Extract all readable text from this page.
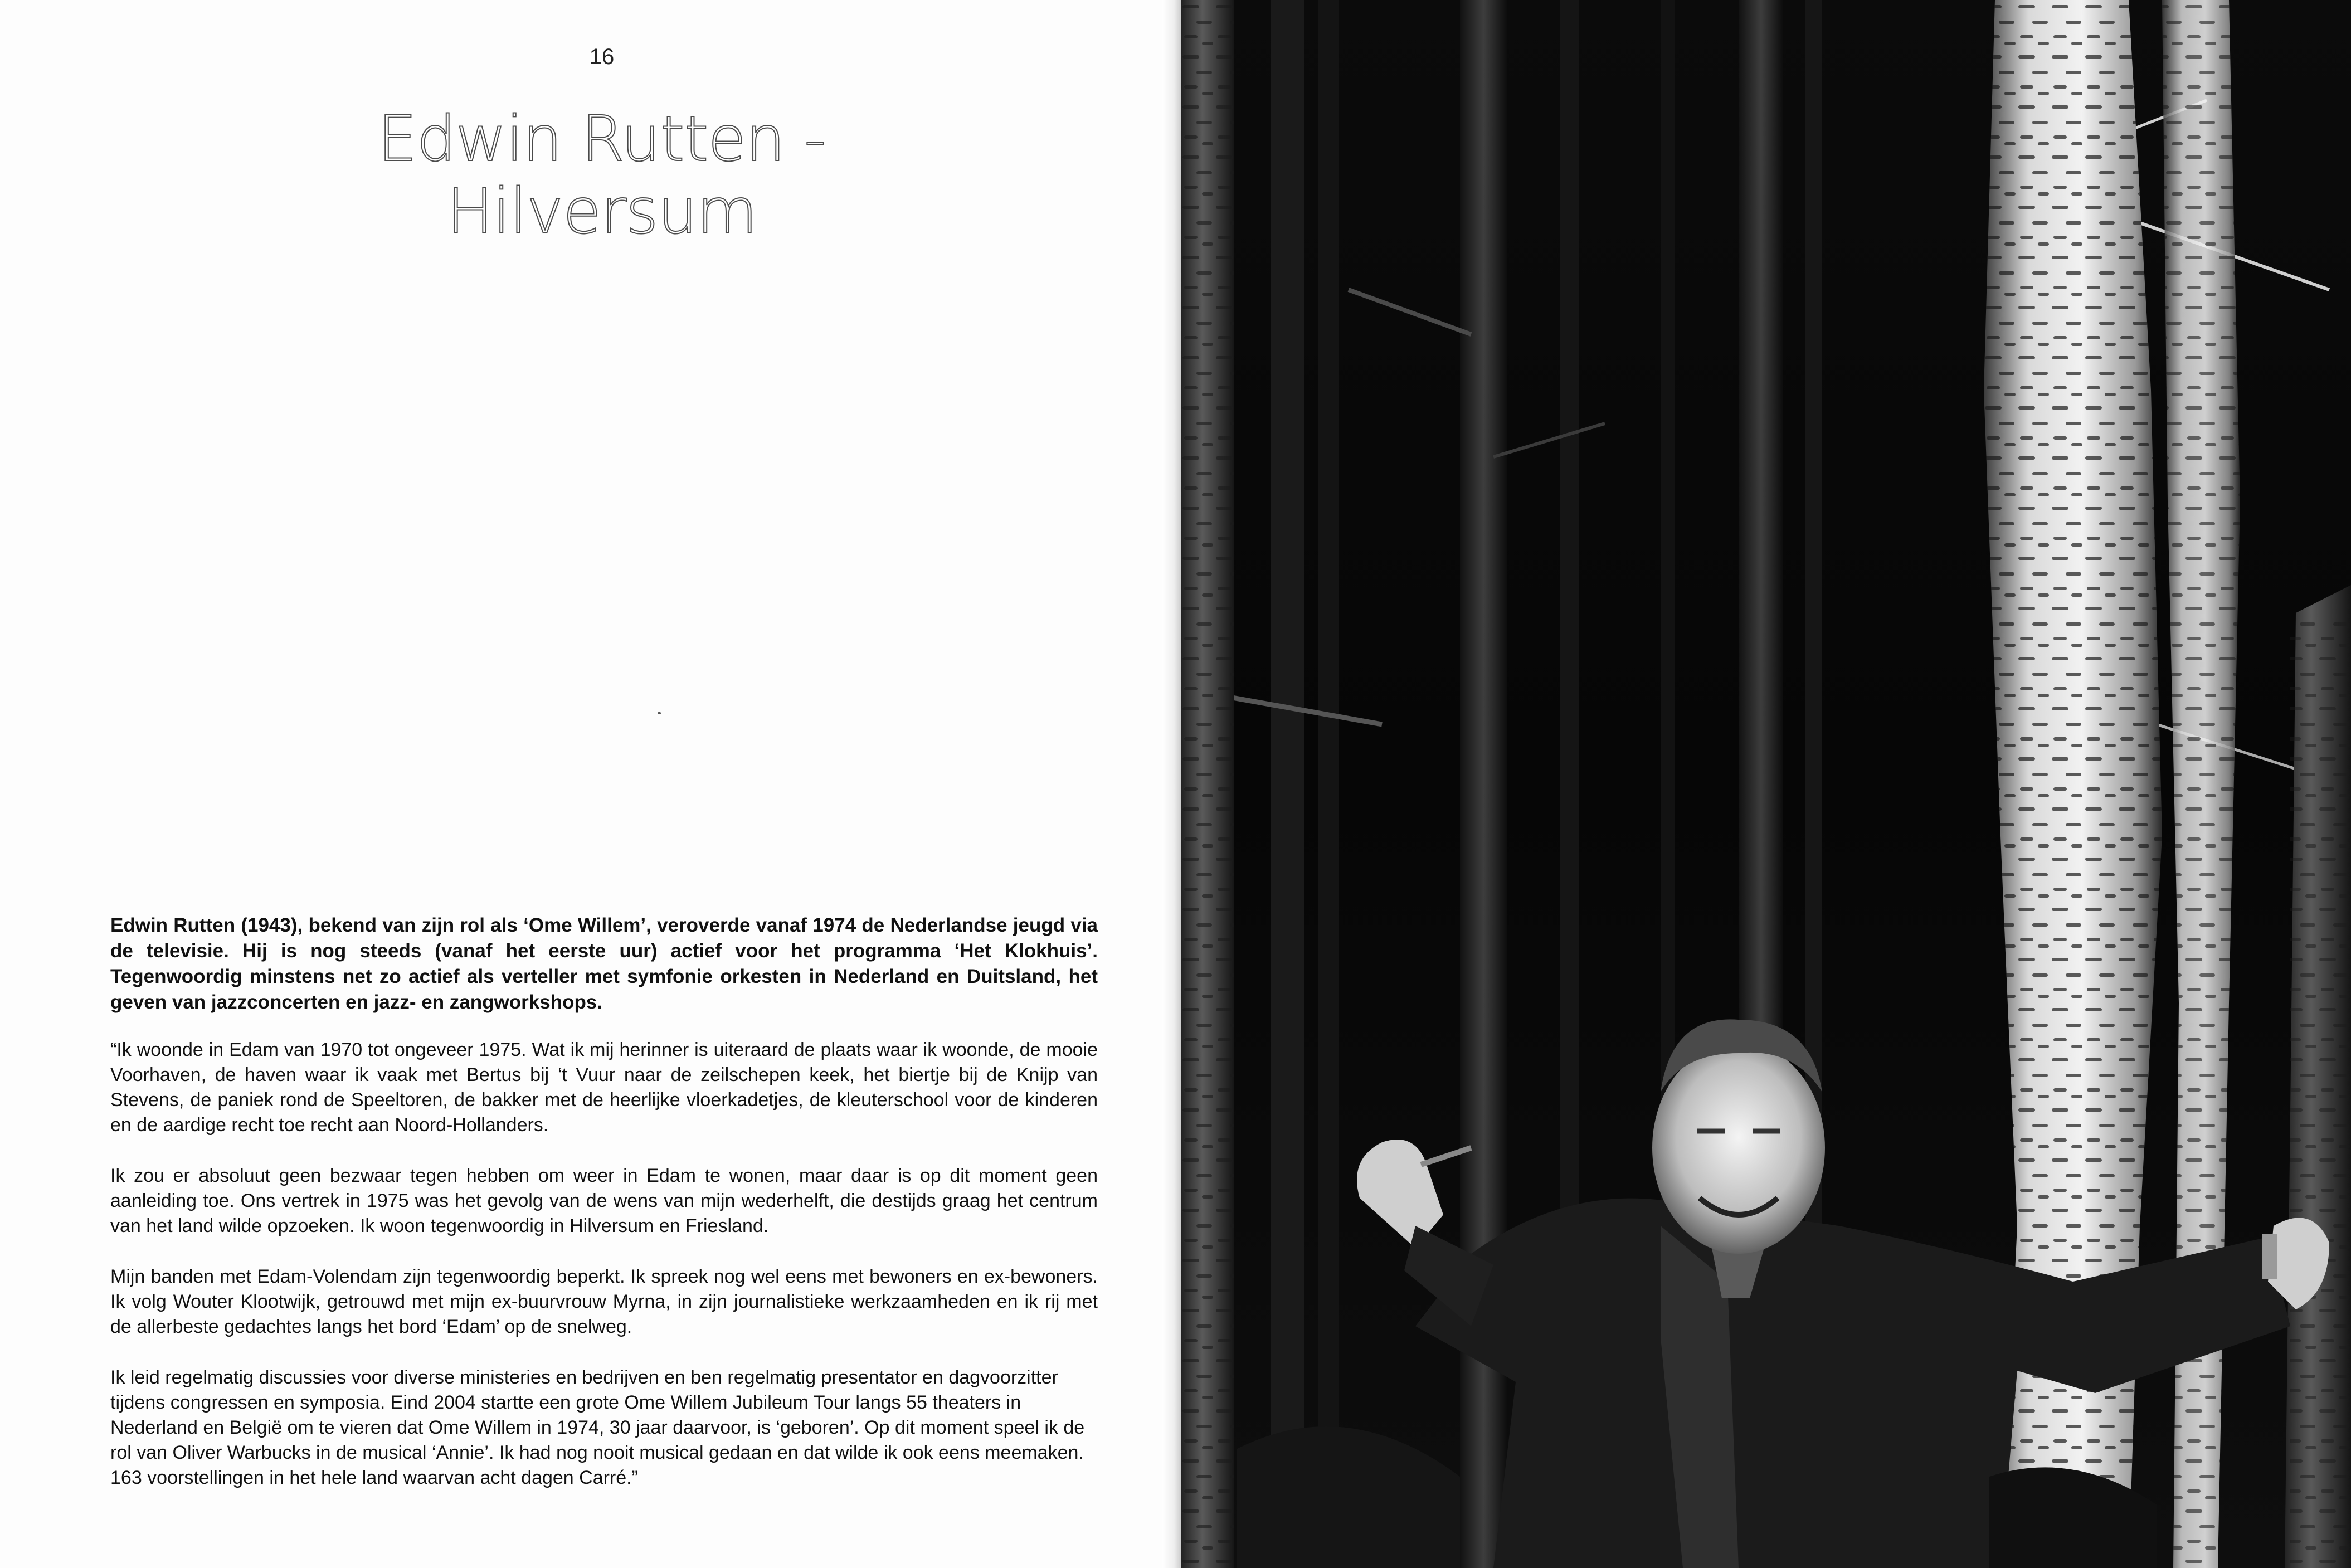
16
Edwin Rutten - Hilversum

Edwin Rutten (1943), bekend van zijn rol als ‘Ome Willem’, veroverde vanaf 1974 de Nederlandse jeugd via de televisie. Hij is nog steeds (vanaf het eerste uur) actief voor het programma ‘Het Klokhuis’. Tegenwoordig minstens net zo actief als verteller met symfonie orkesten in Nederland en Duitsland, het geven van jazzconcerten en jazz- en zangworkshops.

“Ik woonde in Edam van 1970 tot ongeveer 1975. Wat ik mij herinner is uiteraard de plaats waar ik woonde, de mooie Voorhaven, de haven waar ik vaak met Bertus bij ‘t Vuur naar de zeilschepen keek, het biertje bij de Knijp van Stevens, de paniek rond de Speeltoren, de bakker met de heerlijke vloerkadetjes, de kleuterschool voor de kinderen en de aardige recht toe recht aan Noord-Hollanders.

Ik zou er absoluut geen bezwaar tegen hebben om weer in Edam te wonen, maar daar is op dit moment geen aanleiding toe. Ons vertrek in 1975 was het gevolg van de wens van mijn wederhelft, die destijds graag het centrum van het land wilde opzoeken. Ik woon tegenwoordig in Hilversum en Friesland.

Mijn banden met Edam-Volendam zijn tegenwoordig beperkt. Ik spreek nog wel eens met bewoners en ex-bewoners. Ik volg Wouter Klootwijk, getrouwd met mijn ex-buurvrouw Myrna, in zijn journalistieke werkzaamheden en ik rij met de allerbeste gedachtes langs het bord ‘Edam’ op de snelweg.

Ik leid regelmatig discussies voor diverse ministeries en bedrijven en ben regelmatig presentator en dagvoorzitter tijdens congressen en symposia. Eind 2004 startte een grote Ome Willem Jubileum Tour langs 55 theaters in Nederland en België om te vieren dat Ome Willem in 1974, 30 jaar daarvoor, is ‘geboren’. Op dit moment speel ik de rol van Oliver Warbucks in de musical ‘Annie’. Ik had nog nooit musical gedaan en dat wilde ik ook eens meemaken. 163 voorstellingen in het hele land waarvan acht dagen Carré.”
